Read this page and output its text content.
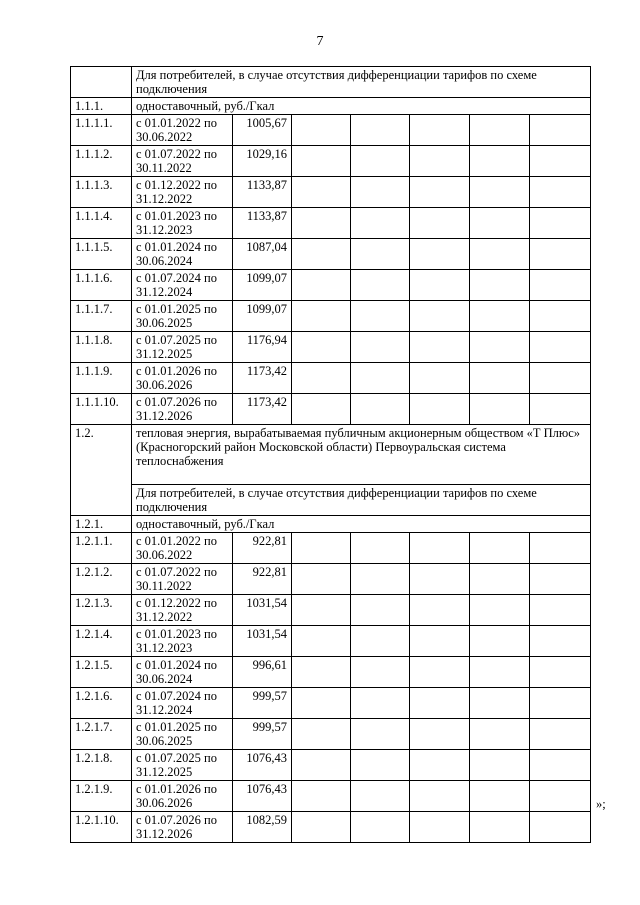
7
	Для потребителей, в случае отсутствия дифференциации тарифов по схеме подключения						
1.1.1.	одноставочный, руб./Гкал						
1.1.1.1.	с 01.01.2022 по 30.06.2022	1005,67					
1.1.1.2.	с 01.07.2022 по 30.11.2022	1029,16					
1.1.1.3.	с 01.12.2022 по 31.12.2022	1133,87					
1.1.1.4.	с 01.01.2023 по 31.12.2023	1133,87					
1.1.1.5.	с 01.01.2024 по 30.06.2024	1087,04					
1.1.1.6.	с 01.07.2024 по 31.12.2024	1099,07					
1.1.1.7.	с 01.01.2025 по 30.06.2025	1099,07					
1.1.1.8.	с 01.07.2025 по 31.12.2025	1176,94					
1.1.1.9.	с 01.01.2026 по 30.06.2026	1173,42					
1.1.1.10.	с 01.07.2026 по 31.12.2026	1173,42					
1.2.	тепловая энергия, вырабатываемая публичным акционерным обществом «Т Плюс» (Красногорский район Московской области) Первоуральская система теплоснабжения						
	Для потребителей, в случае отсутствия дифференциации тарифов по схеме подключения						
1.2.1.	одноставочный, руб./Гкал						
1.2.1.1.	с 01.01.2022 по 30.06.2022	922,81					
1.2.1.2.	с 01.07.2022 по 30.11.2022	922,81					
1.2.1.3.	с 01.12.2022 по 31.12.2022	1031,54					
1.2.1.4.	с 01.01.2023 по 31.12.2023	1031,54					
1.2.1.5.	с 01.01.2024 по 30.06.2024	996,61					
1.2.1.6.	с 01.07.2024 по 31.12.2024	999,57					
1.2.1.7.	с 01.01.2025 по 30.06.2025	999,57					
1.2.1.8.	с 01.07.2025 по 31.12.2025	1076,43					
1.2.1.9.	с 01.01.2026 по 30.06.2026	1076,43					
1.2.1.10.	с 01.07.2026 по 31.12.2026	1082,59					
»;
